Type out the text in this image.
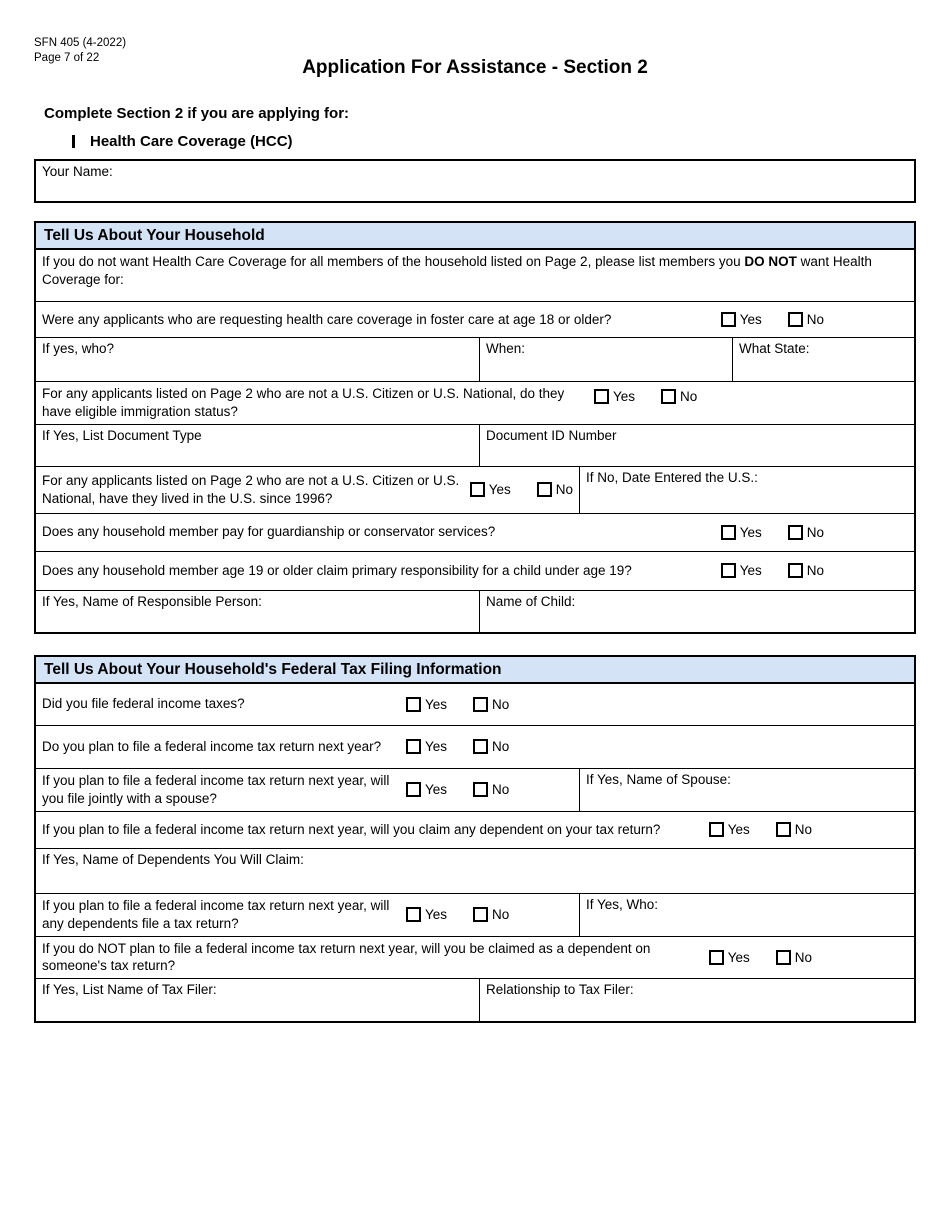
SFN 405 (4-2022)
Page 7 of 22	Application For Assistance - Section 2
Complete Section 2 if you are applying for:
Health Care Coverage (HCC)
Your Name:
Tell Us About Your Household
If you do not want Health Care Coverage for all members of the household listed on Page 2, please list members you DO NOT want Health Coverage for:
Were any applicants who are requesting health care coverage in foster care at age 18 or older?	Yes	No
If yes, who?	When:	What State:
For any applicants listed on Page 2 who are not a U.S. Citizen or U.S. National, do they have eligible immigration status?
Yes	No
If Yes, List Document Type	Document ID Number
For any applicants listed on Page 2 who are not a U.S. Citizen or U.S. National, have they lived in the U.S. since 1996?
Yes	No
If No, Date Entered the U.S.:
Does any household member pay for guardianship or conservator services?	Yes	No
Does any household member age 19 or older claim primary responsibility for a child under age 19?	Yes	No
If Yes, Name of Responsible Person:	Name of Child:
Tell Us About Your Household's Federal Tax Filing Information
Did you file federal income taxes?	Yes	No
Do you plan to file a federal income tax return next year?	Yes	No
If you plan to file a federal income tax return next year, will you file jointly with a spouse?
Yes	No
If Yes, Name of Spouse:
If you plan to file a federal income tax return next year, will you claim any dependent on your tax return?	Yes	No
If Yes, Name of Dependents You Will Claim:
If you plan to file a federal income tax return next year, will any dependents file a tax return?
Yes	No
If Yes, Who:
If you do NOT plan to file a federal income tax return next year, will you be claimed as a dependent on someone's tax return?
Yes	No
If Yes, List Name of Tax Filer:	Relationship to Tax Filer:
